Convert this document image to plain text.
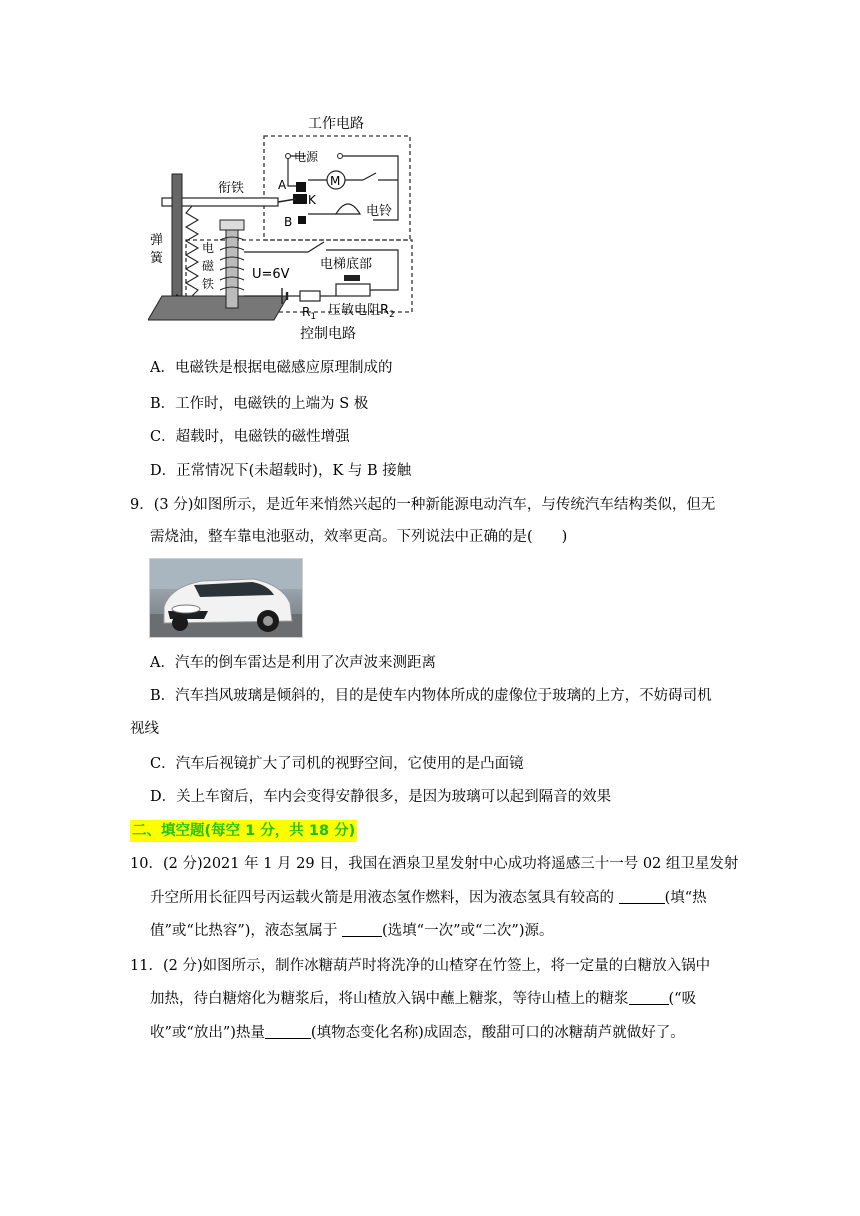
工作电路
控制电路
电源
M
电铃
A
B
K
衔铁
弹
簧
电
磁
铁
U=6V
电梯底部
$R_1$ 压敏电阻$R_2$
A．电磁铁是根据电磁感应原理制成的
B．工作时，电磁铁的上端为 S 极
C．超载时，电磁铁的磁性增强
D．正常情况下(未超载时)，K 与 B 接触
9．(3 分)如图所示，是近年来悄然兴起的一种新能源电动汽车，与传统汽车结构类似，但无
需烧油，整车靠电池驱动，效率更高。下列说法中正确的是(　　)
A．汽车的倒车雷达是利用了次声波来测距离
B．汽车挡风玻璃是倾斜的，目的是使车内物体所成的虚像位于玻璃的上方，不妨碍司机
视线
C．汽车后视镜扩大了司机的视野空间，它使用的是凸面镜
D．关上车窗后，车内会变得安静很多，是因为玻璃可以起到隔音的效果
二、填空题(每空 1 分，共 18 分)
10．(2 分)2021 年 1 月 29 日，我国在酒泉卫星发射中心成功将遥感三十一号 02 组卫星发射
升空所用长征四号丙运载火箭是用液态氢作燃料，因为液态氢具有较高的	(填“热
值”或“比热容”)，液态氢属于	(选填“一次”或“二次”)源。
11．(2 分)如图所示，制作冰糖葫芦时将洗净的山楂穿在竹签上，将一定量的白糖放入锅中
加热，待白糖熔化为糖浆后，将山楂放入锅中蘸上糖浆，等待山楂上的糖浆	(“吸
收”或“放出”)热量	(填物态变化名称)成固态，酸甜可口的冰糖葫芦就做好了。
